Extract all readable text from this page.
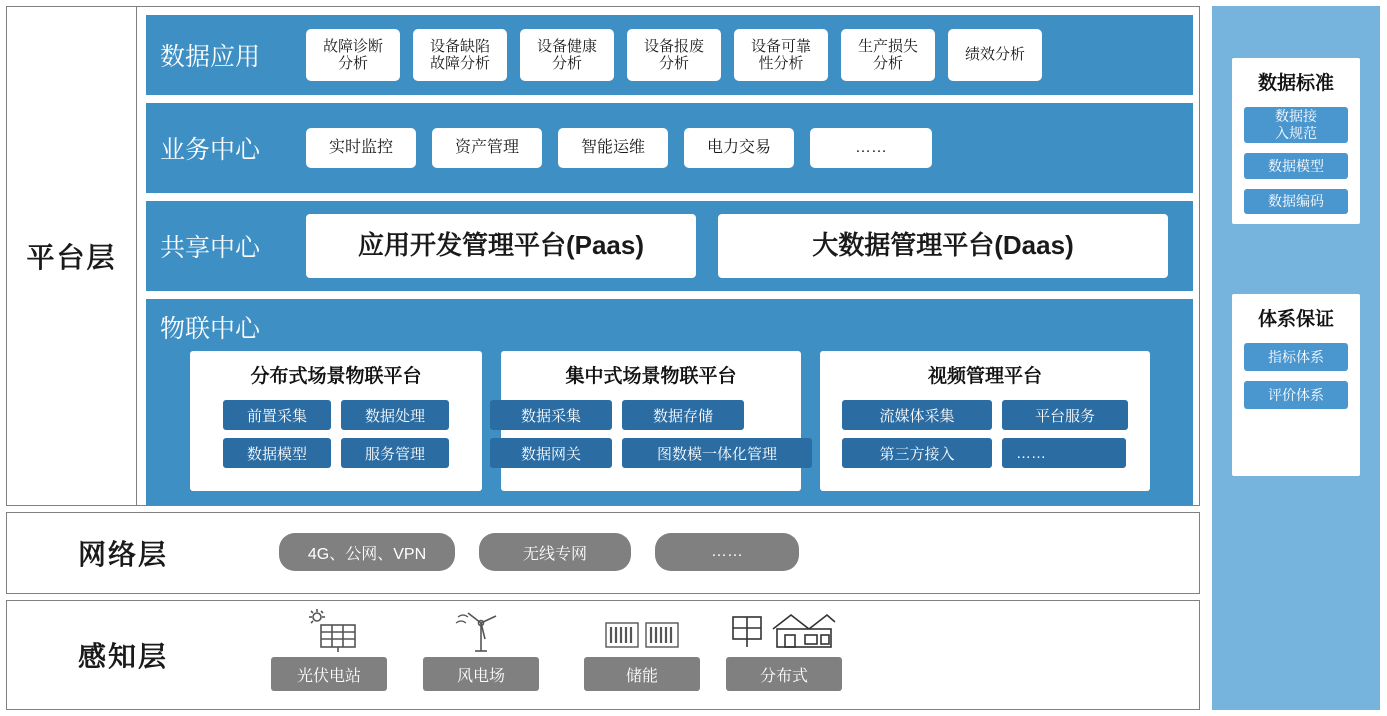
平台层
数据应用	故障诊断
分析
设备缺陷
故障分析
设备健康
分析
设备报废
分析
设备可靠
性分析
生产损失
分析
绩效分析
业务中心	实时监控	资产管理	智能运维	电力交易	……
共享中心	应用开发管理平台(Paas)	大数据管理平台(Daas)
物联中心
分布式场景物联平台
前置采集	数据处理
数据模型	服务管理
集中式场景物联平台
数据采集	数据存储
数据网关	图数模一体化管理
视频管理平台
流媒体采集	平台服务
第三方接入	……
网络层	4G、公网、VPN	无线专网	……
感知层
光伏电站	风电场	储能	分布式
数据标准
数据接
入规范
数据模型
数据编码
体系保证
指标体系
评价体系
